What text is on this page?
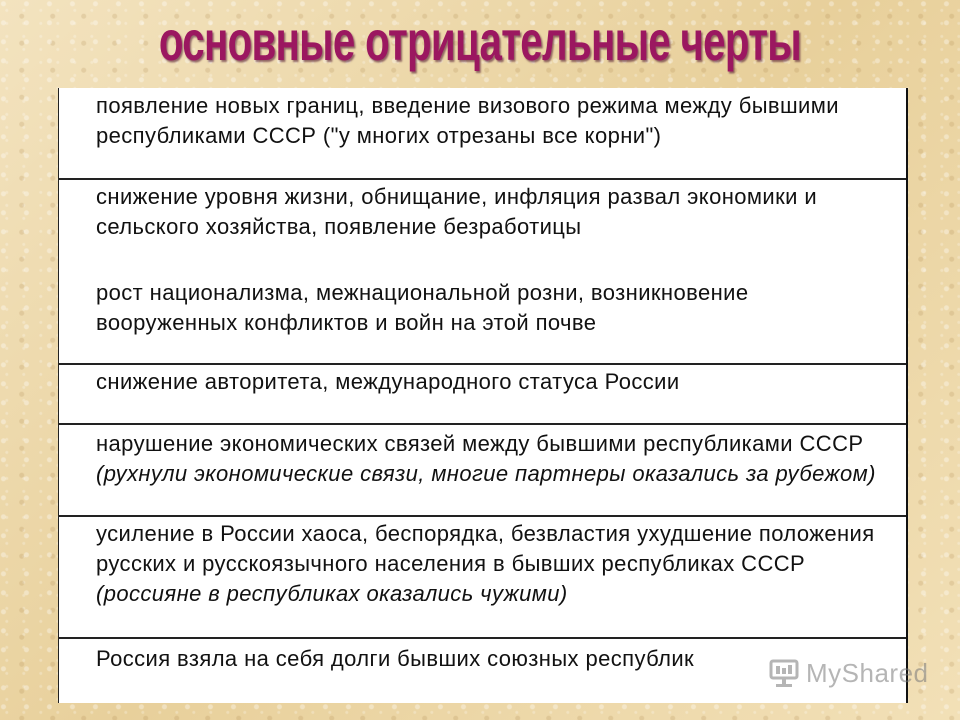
основные отрицательные черты
появление новых границ, введение визового режима между бывшими республиками СССР ("у многих отрезаны все корни")
снижение уровня жизни, обнищание, инфляция развал экономики и сельского хозяйства, появление безработицы
рост национализма, межнациональной розни, возникновение вооруженных конфликтов и войн на этой почве
снижение авторитета, международного статуса России
нарушение экономических связей между бывшими республиками СССР (рухнули экономические связи, многие партнеры оказались за рубежом)
усиление в России хаоса, беспорядка, безвластия ухудшение положения русских и русскоязычного населения в бывших республиках СССР (россияне в республиках оказались чужими)
Россия взяла на себя долги бывших союзных республик	MyShared
